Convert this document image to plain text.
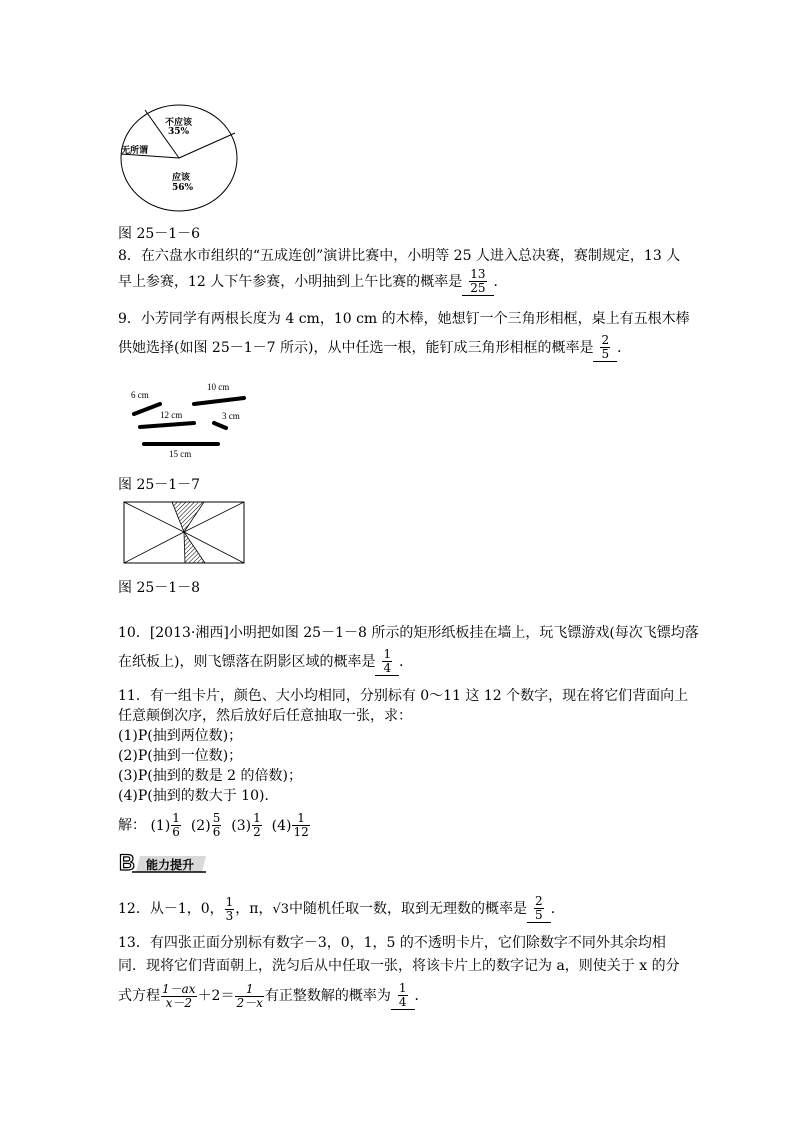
不应该
35%
无所谓
应该
56%
图 25－1－6
8．在六盘水市组织的“五成连创”演讲比赛中，小明等 25 人进入总决赛，赛制规定，13 人
早上参赛，12 人下午参赛，小明抽到上午比赛的概率是 $\frac{13}{25}$ ．
9．小芳同学有两根长度为 4 cm，10 cm 的木棒，她想钉一个三角形相框，桌上有五根木棒
供她选择(如图 25－1－7 所示)，从中任选一根，能钉成三角形相框的概率是 $\frac{2}{5}$ ．
6 cm
10 cm
12 cm	3 cm
15 cm
图 25－1－7
图 25－1－8
10．[2013·湘西]小明把如图 25－1－8 所示的矩形纸板挂在墙上，玩飞镖游戏(每次飞镖均落
在纸板上)，则飞镖落在阴影区域的概率是 $\frac{1}{4}$ ．
11．有一组卡片，颜色、大小均相同，分别标有 0～11 这 12 个数字，现在将它们背面向上
任意颠倒次序，然后放好后任意抽取一张，求：
(1)P(抽到两位数)；
(2)P(抽到一位数)；
(3)P(抽到的数是 2 的倍数)；
(4)P(抽到的数大于 10)．
解： $(1) \frac{1}{6} (2) \frac{5}{6} (3) \frac{1}{2} (4) \frac{1}{12}$
B 能力提升
12．从－1，0， $\frac{1}{3}$ ，π，√3中随机任取一数，取到无理数的概率是 $\frac{2}{5}$ ．
13．有四张正面分别标有数字－3，0，1，5 的不透明卡片，它们除数字不同外其余均相
同．现将它们背面朝上，洗匀后从中任取一张，将该卡片上的数字记为 a，则使关于 x 的分
式方程 $\frac{1-ax}{x-2} +2= \frac{1}{2-x}$ 有正整数解的概率为 $\frac{1}{4}$ ．
